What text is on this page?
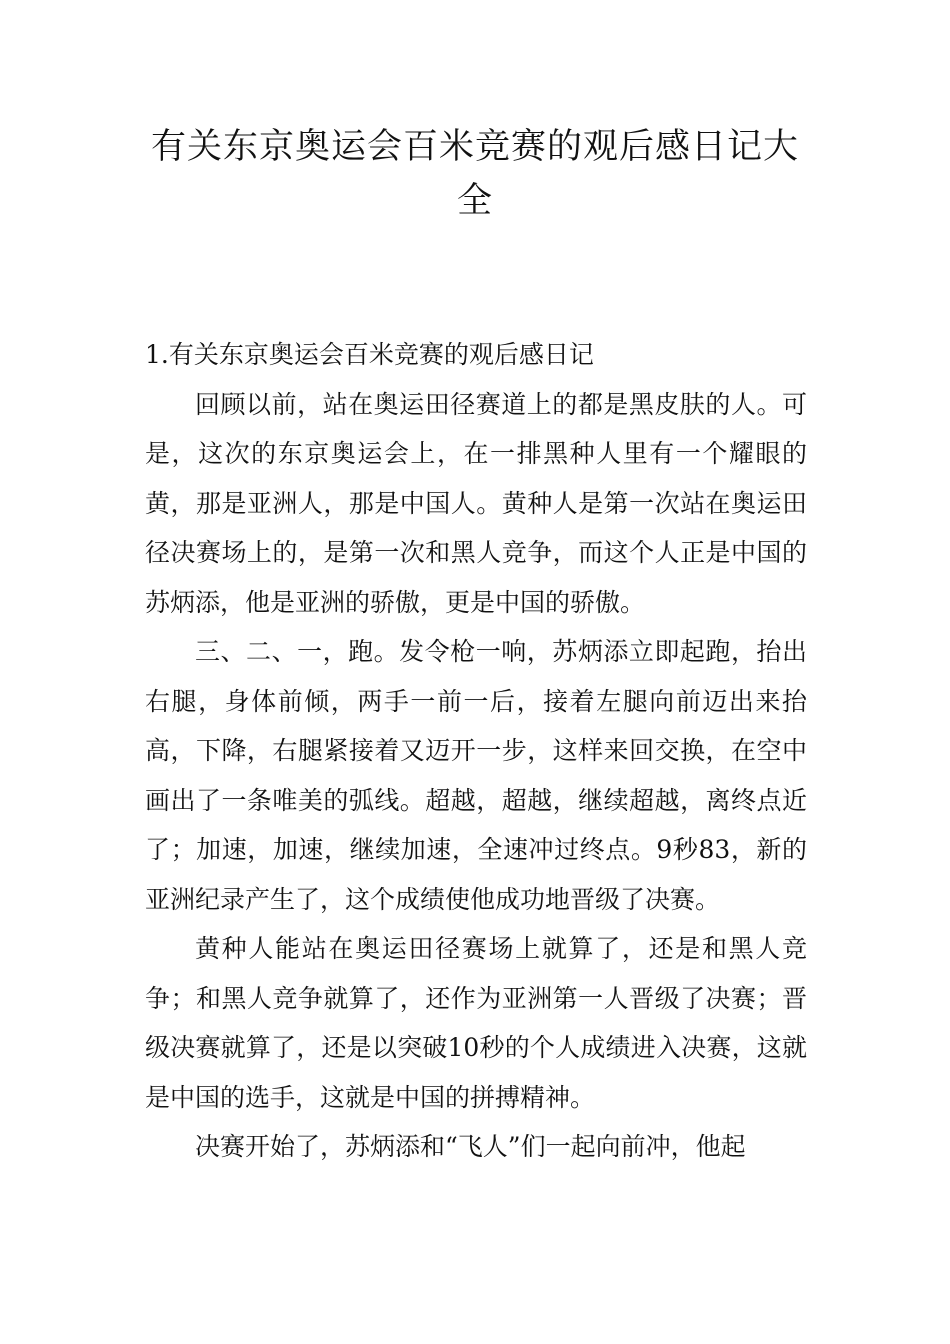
有关东京奥运会百米竞赛的观后感日记大全

1.有关东京奥运会百米竞赛的观后感日记

回顾以前，站在奥运田径赛道上的都是黑皮肤的人。可是，这次的东京奥运会上，在一排黑种人里有一个耀眼的黄，那是亚洲人，那是中国人。黄种人是第一次站在奥运田径决赛场上的，是第一次和黑人竞争，而这个人正是中国的苏炳添，他是亚洲的骄傲，更是中国的骄傲。

三、二、一，跑。发令枪一响，苏炳添立即起跑，抬出右腿，身体前倾，两手一前一后，接着左腿向前迈出来抬高，下降，右腿紧接着又迈开一步，这样来回交换，在空中画出了一条唯美的弧线。超越，超越，继续超越，离终点近了；加速，加速，继续加速，全速冲过终点。9秒83，新的亚洲纪录产生了，这个成绩使他成功地晋级了决赛。

黄种人能站在奥运田径赛场上就算了，还是和黑人竞争；和黑人竞争就算了，还作为亚洲第一人晋级了决赛；晋级决赛就算了，还是以突破10秒的个人成绩进入决赛，这就是中国的选手，这就是中国的拼搏精神。

决赛开始了，苏炳添和“飞人”们一起向前冲，他起
